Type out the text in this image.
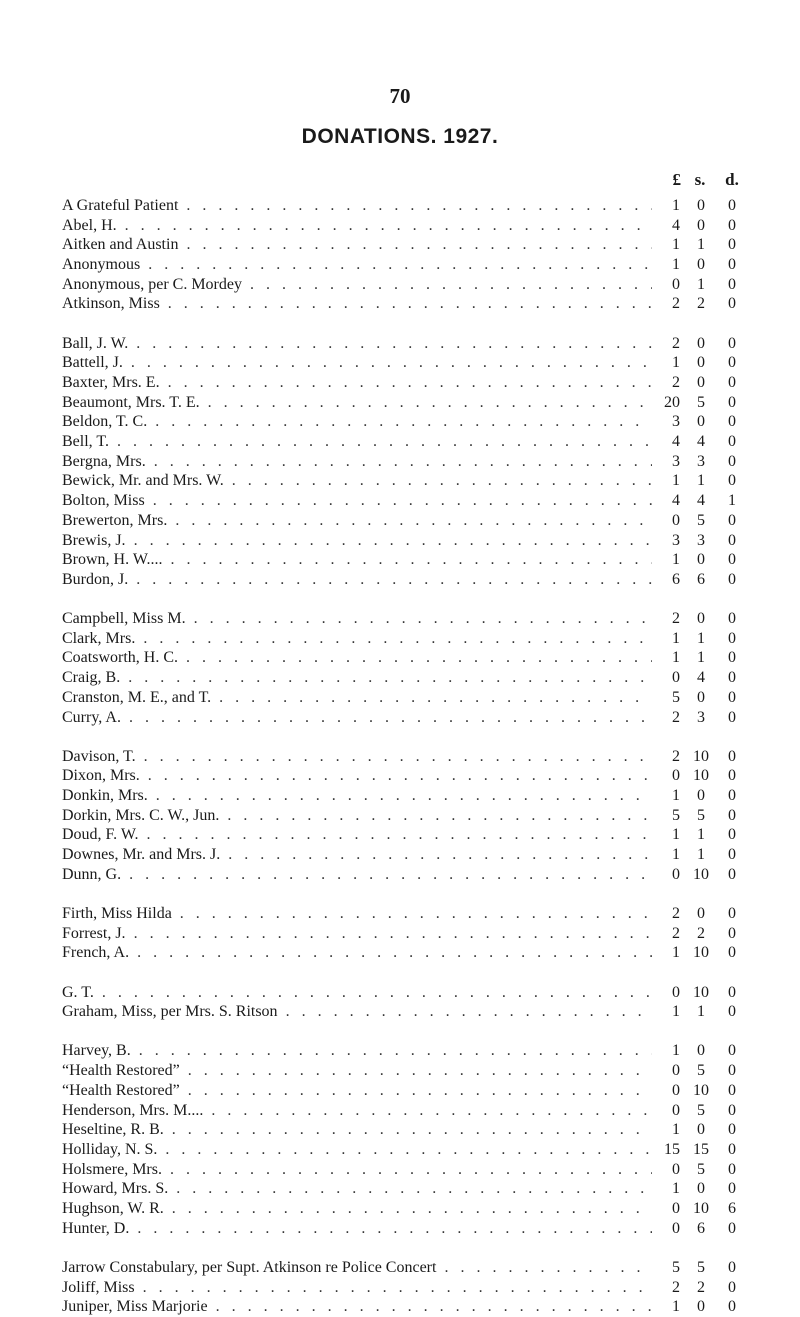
70
DONATIONS. 1927.
£ s.	d.
A Grateful Patient . . .	1	0	0
Abel, H. . . .	4	0	0
Aitken and Austin . . .	1	1	0
Anonymous . . .	1	0	0
Anonymous, per C. Mordey . . .	0	1	0
Atkinson, Miss . . .	2	2	0
Ball, J. W. . . .	2	0	0
Battell, J. . . .	1	0	0
Baxter, Mrs. E. . . .	2	0	0
Beaumont, Mrs. T. E. . . .	20	5	0
Beldon, T. C. . . .	3	0	0
Bell, T. . . .	4	4	0
Bergna, Mrs. . . .	3	3	0
Bewick, Mr. and Mrs. W. . . .	1	1	0
Bolton, Miss . . .	4	4	1
Brewerton, Mrs. . . .	0	5	0
Brewis, J. . . .	3	3	0
Brown, H. W.... . . .	1	0	0
Burdon, J. . . .	6	6	0
Campbell, Miss M. . . .	2	0	0
Clark, Mrs. . . .	1	1	0
Coatsworth, H. C. . . .	1	1	0
Craig, B. . . .	0	4	0
Cranston, M. E., and T. . . .	5	0	0
Curry, A. . . .	2	3	0
Davison, T. . . .	2 10	0
Dixon, Mrs. . . .	0 10	0
Donkin, Mrs. . . .	1	0	0
Dorkin, Mrs. C. W., Jun. . . .	5	5	0
Doud, F. W. . . .	1	1	0
Downes, Mr. and Mrs. J. . . .	1	1	0
Dunn, G. . . .	0 10	0
Firth, Miss Hilda . . .	2	0	0
Forrest, J. . . .	2	2	0
French, A. . . .	1 10	0
G. T. . . .	0 10	0
Graham, Miss, per Mrs. S. Ritson . . .	1	1	0
Harvey, B. . . .	1	0	0
“Health Restored” . . .	0	5	0
“Health Restored” . . .	0 10	0
Henderson, Mrs. M.... . . .	0	5	0
Heseltine, R. B. . . .	1	0	0
Holliday, N. S. . . .	15 15	0
Holsmere, Mrs. . . .	0	5	0
Howard, Mrs. S. . . .	1	0	0
Hughson, W. R. . . .	0 10	6
Hunter, D. . . .	0	6	0
Jarrow Constabulary, per Supt. Atkinson re Police Concert . . .	5	5	0
Joliff, Miss . . .	2	2	0
Juniper, Miss Marjorie . . .	1	0	0
